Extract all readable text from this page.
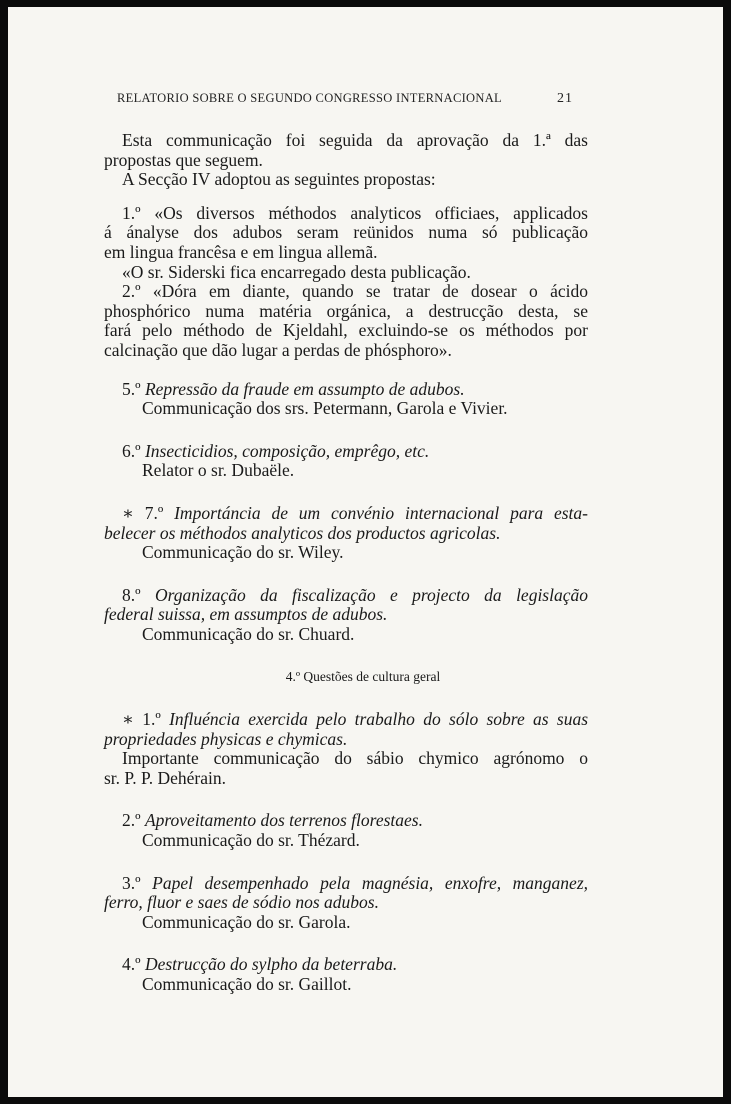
RELATORIO SOBRE O SEGUNDO CONGRESSO INTERNACIONAL	21

Esta communicação foi seguida da aprovação da 1.ª das

propostas que seguem.

A Secção IV adoptou as seguintes propostas:

1.º «Os diversos méthodos analyticos officiaes, applicados

á ánalyse dos adubos seram reünidos numa só publicação

em lingua francêsa e em lingua allemã.

«O sr. Siderski fica encarregado desta publicação.

2.º «Dóra em diante, quando se tratar de dosear o ácido

phosphórico numa matéria orgánica, a destrucção desta, se

fará pelo méthodo de Kjeldahl, excluindo-se os méthodos por

calcinação que dão lugar a perdas de phósphoro».

5.º Repressão da fraude em assumpto de adubos.

Communicação dos srs. Petermann, Garola e Vivier.

6.º Insecticidios, composição, emprêgo, etc.

Relator o sr. Dubaële.

∗ 7.º Importáncia de um convénio internacional para esta-

belecer os méthodos analyticos dos productos agricolas.

Communicação do sr. Wiley.

8.º Organização da fiscalização e projecto da legislação

federal suissa, em assumptos de adubos.

Communicação do sr. Chuard.

4.º Questões de cultura geral

∗ 1.º Influéncia exercida pelo trabalho do sólo sobre as suas

propriedades physicas e chymicas.

Importante communicação do sábio chymico agrónomo o

sr. P. P. Dehérain.

2.º Aproveitamento dos terrenos florestaes.

Communicação do sr. Thézard.

3.º Papel desempenhado pela magnésia, enxofre, manganez,

ferro, fluor e saes de sódio nos adubos.

Communicação do sr. Garola.

4.º Destrucção do sylpho da beterraba.

Communicação do sr. Gaillot.
